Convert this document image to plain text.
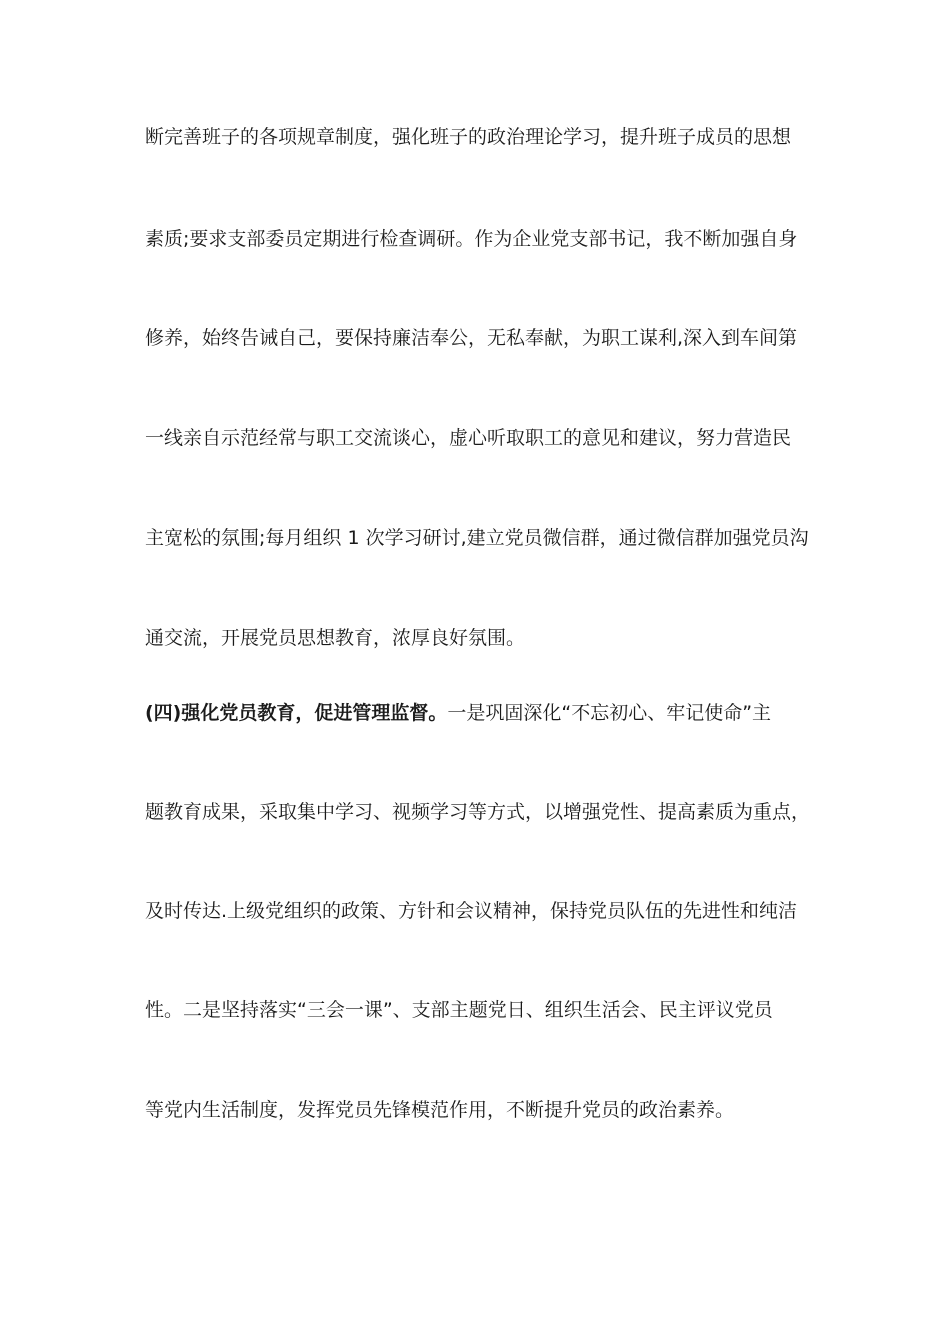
断完善班子的各项规章制度，强化班子的政治理论学习，提升班子成员的思想
素质;要求支部委员定期进行检查调研。作为企业党支部书记，我不断加强自身
修养，始终告诫自己，要保持廉洁奉公，无私奉献，为职工谋利,深入到车间第
一线亲自示范经常与职工交流谈心，虚心听取职工的意见和建议，努力营造民
主宽松的氛围;每月组织 1 次学习研讨,建立党员微信群，通过微信群加强党员沟
通交流，开展党员思想教育，浓厚良好氛围。
(四)强化党员教育，促进管理监督。一是巩固深化“不忘初心、牢记使命”主
题教育成果，采取集中学习、视频学习等方式，以增强党性、提高素质为重点，
及时传达.上级党组织的政策、方针和会议精神，保持党员队伍的先进性和纯洁
性。二是坚持落实“三会一课”、支部主题党日、组织生活会、民主评议党员
等党内生活制度，发挥党员先锋模范作用，不断提升党员的政治素养。
